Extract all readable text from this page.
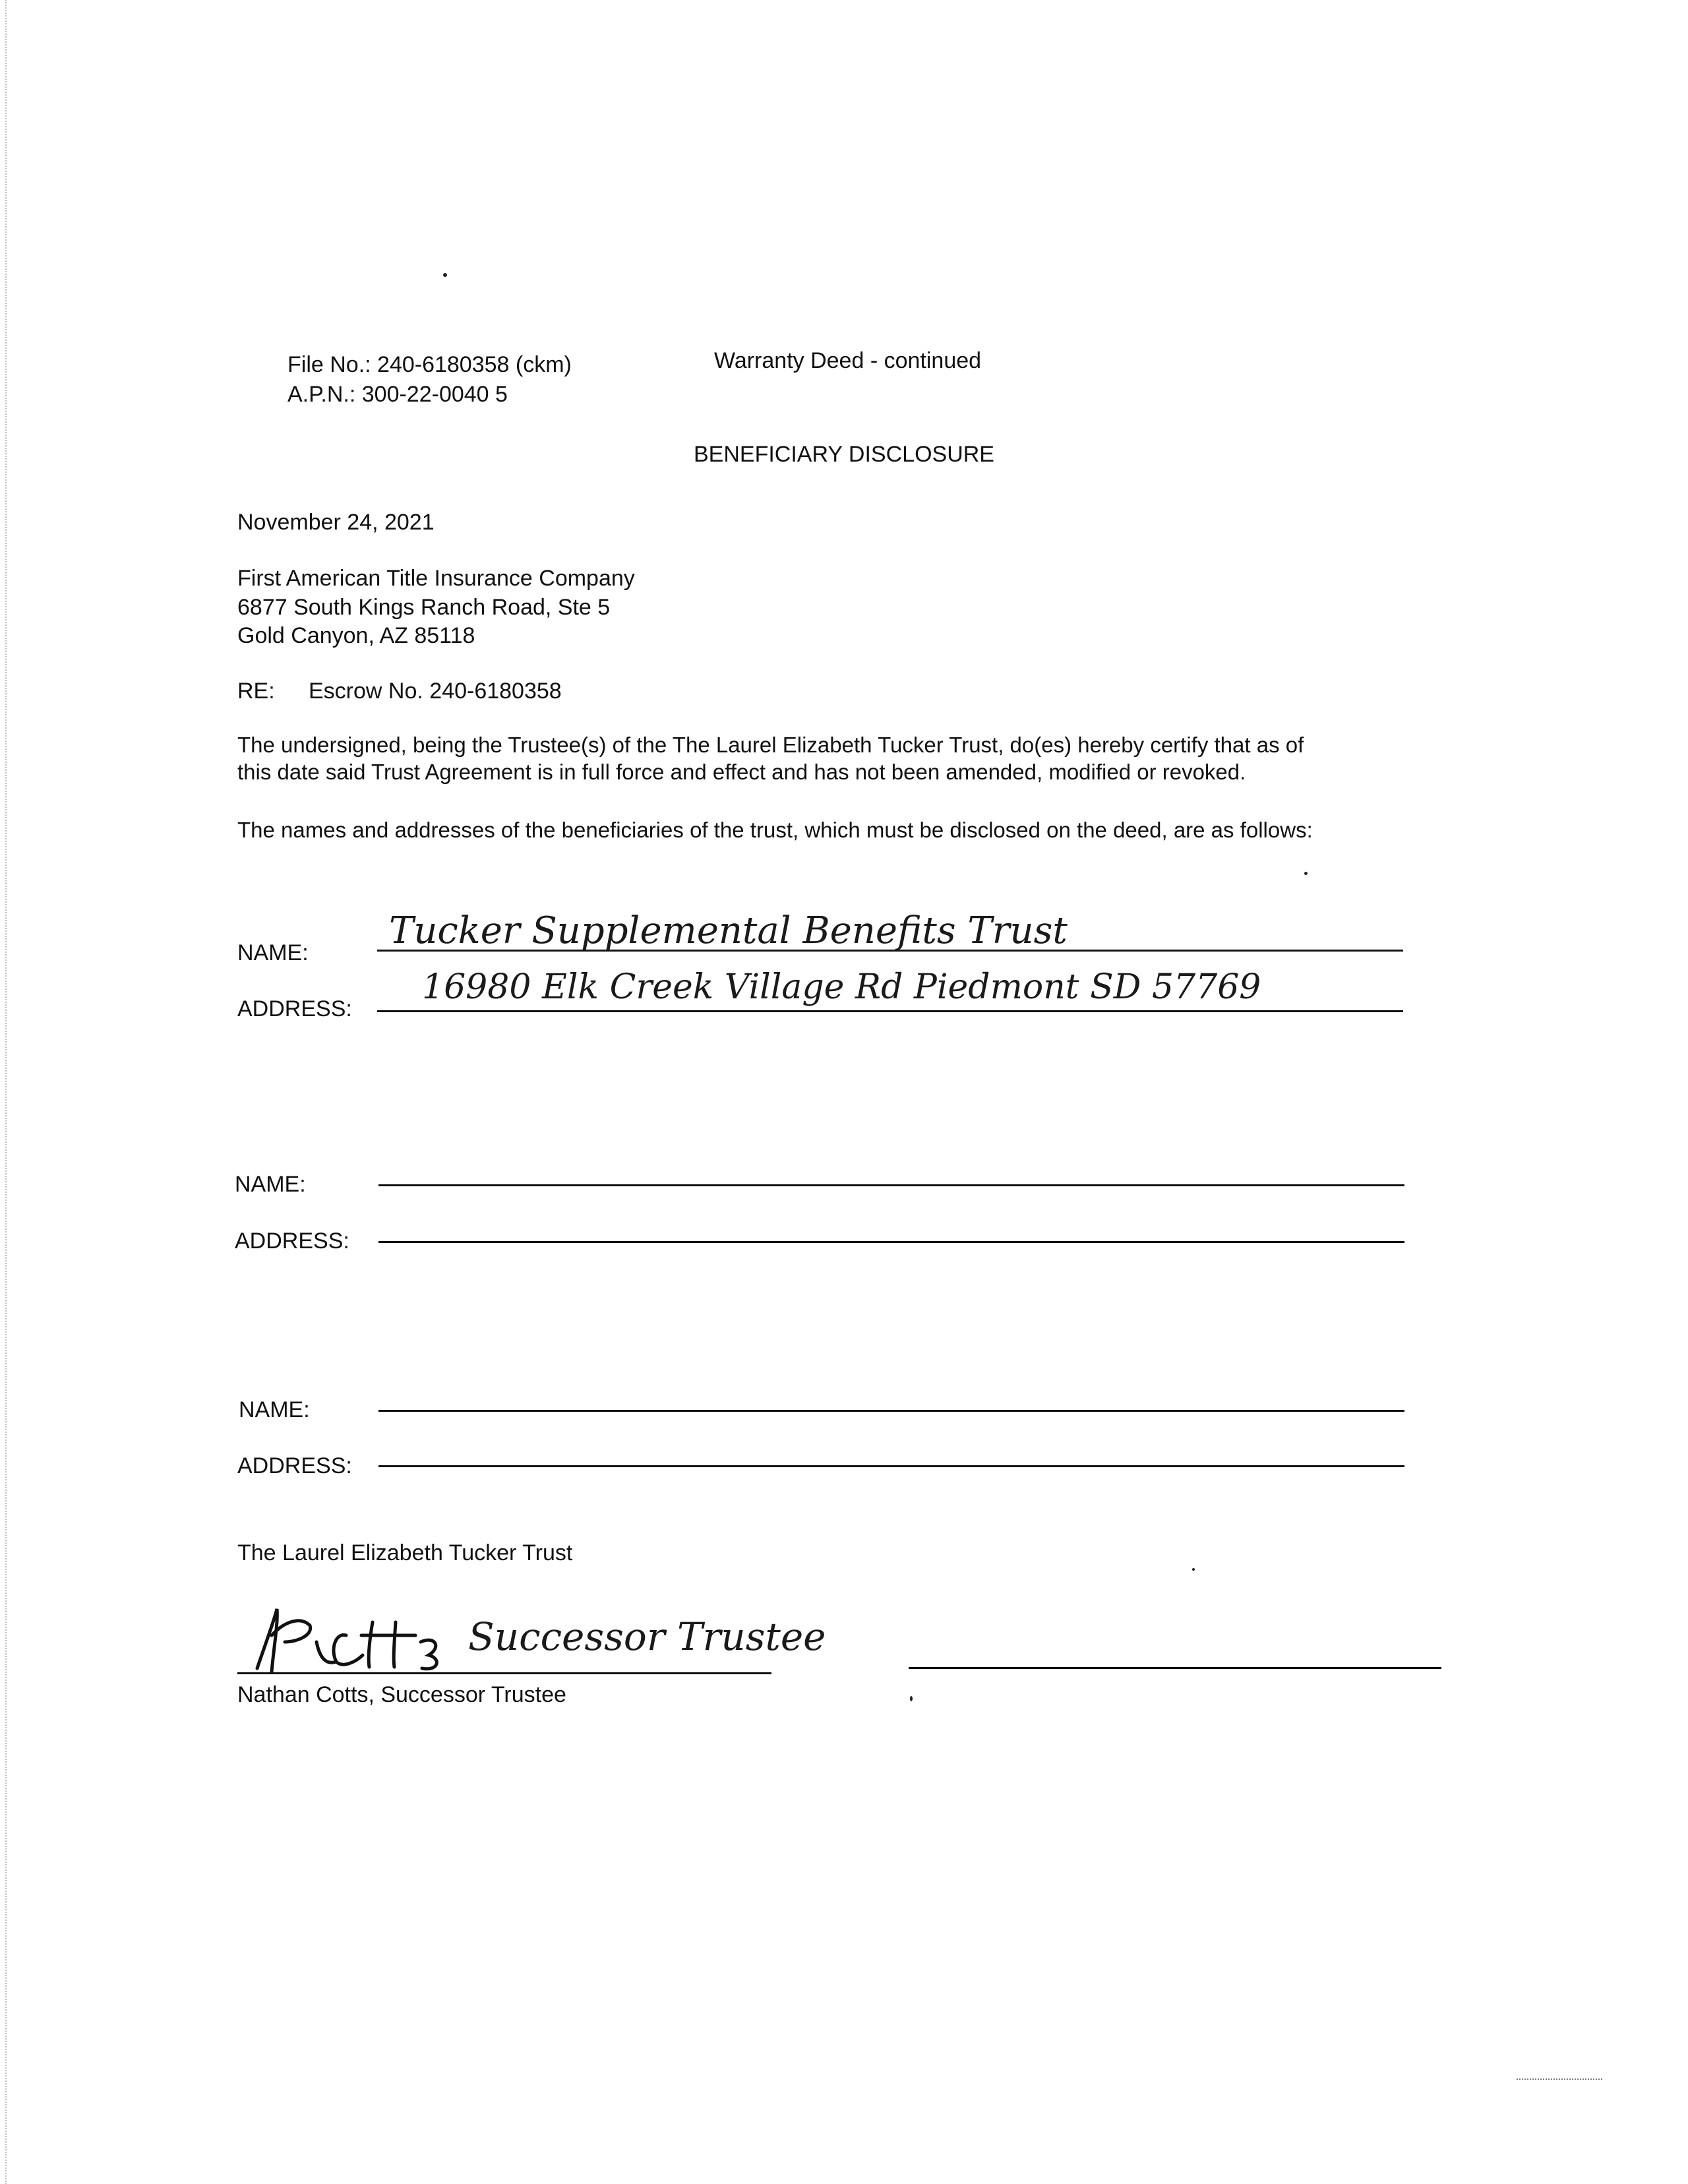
File No.: 240-6180358 (ckm)
A.P.N.: 300-22-0040 5
Warranty Deed - continued
BENEFICIARY DISCLOSURE
November 24, 2021
First American Title Insurance Company
6877 South Kings Ranch Road, Ste 5
Gold Canyon, AZ 85118
RE: Escrow No. 240-6180358
The undersigned, being the Trustee(s) of the The Laurel Elizabeth Tucker Trust, do(es) hereby certify that as of
this date said Trust Agreement is in full force and effect and has not been amended, modified or revoked.
The names and addresses of the beneficiaries of the trust, which must be disclosed on the deed, are as follows:
NAME:
Tucker Supplemental Benefits Trust
ADDRESS:
16980 Elk Creek Village Rd Piedmont SD 57769
NAME:
ADDRESS:
NAME:
ADDRESS:
The Laurel Elizabeth Tucker Trust
Successor Trustee
Nathan Cotts, Successor Trustee
